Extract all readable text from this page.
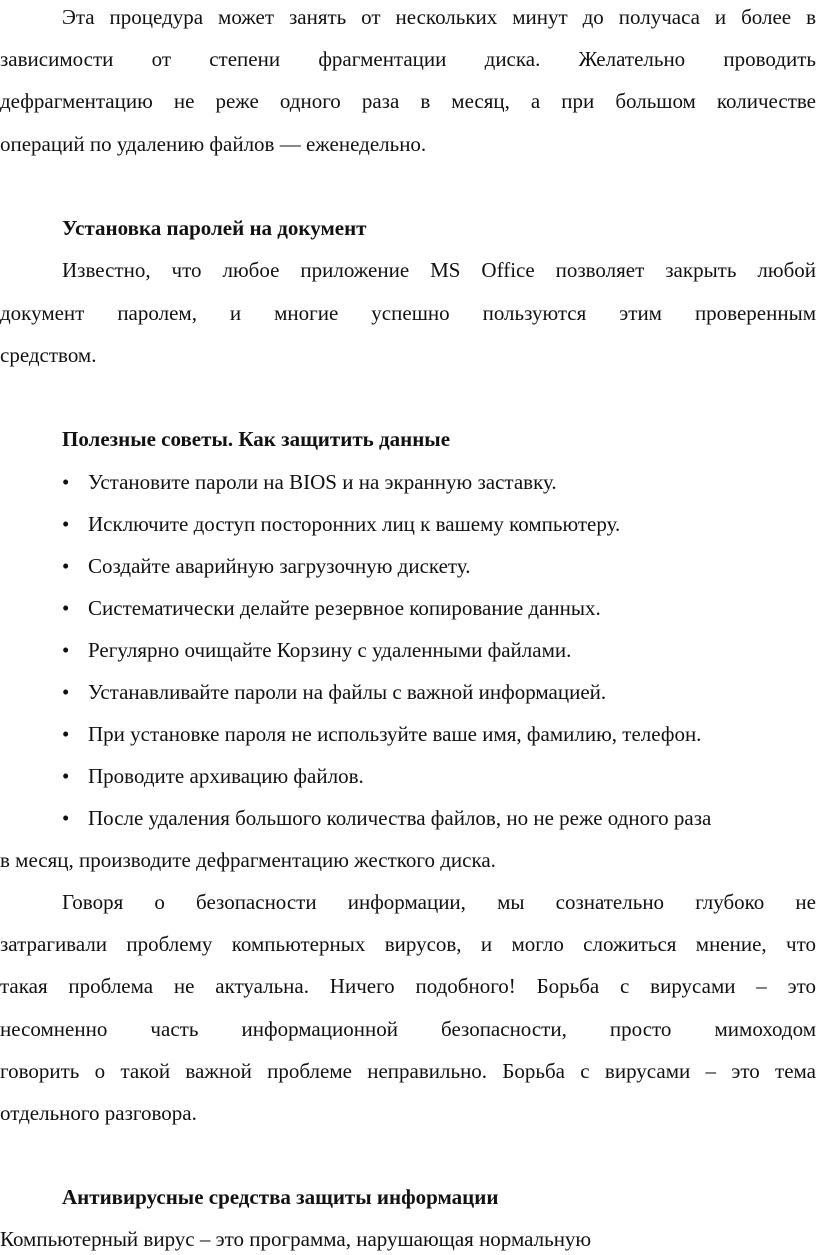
Эта процедура может занять от нескольких минут до получаса и более в
зависимости от степени фрагментации диска. Желательно проводить
дефрагментацию не реже одного раза в месяц, а при большом количестве
операций по удалению файлов — еженедельно.
Установка паролей на документ
Известно, что любое приложение MS Office позволяет закрыть любой
документ паролем, и многие успешно пользуются этим проверенным
средством.
Полезные советы. Как защитить данные
• Установите пароли на BIOS и на экранную заставку.
• Исключите доступ посторонних лиц к вашему компьютеру.
• Создайте аварийную загрузочную дискету.
• Систематически делайте резервное копирование данных.
• Регулярно очищайте Корзину с удаленными файлами.
• Устанавливайте пароли на файлы с важной информацией.
• При установке пароля не используйте ваше имя, фамилию, телефон.
• Проводите архивацию файлов.
• После удаления большого количества файлов, но не реже одного раза
в месяц, производите дефрагментацию жесткого диска.
Говоря о безопасности информации, мы сознательно глубоко не
затрагивали проблему компьютерных вирусов, и могло сложиться мнение, что
такая проблема не актуальна. Ничего подобного! Борьба с вирусами – это
несомненно часть информационной безопасности, просто мимоходом
говорить о такой важной проблеме неправильно. Борьба с вирусами – это тема
отдельного разговора.
Антивирусные средства защиты информации
Компьютерный вирус – это программа, нарушающая нормальную
